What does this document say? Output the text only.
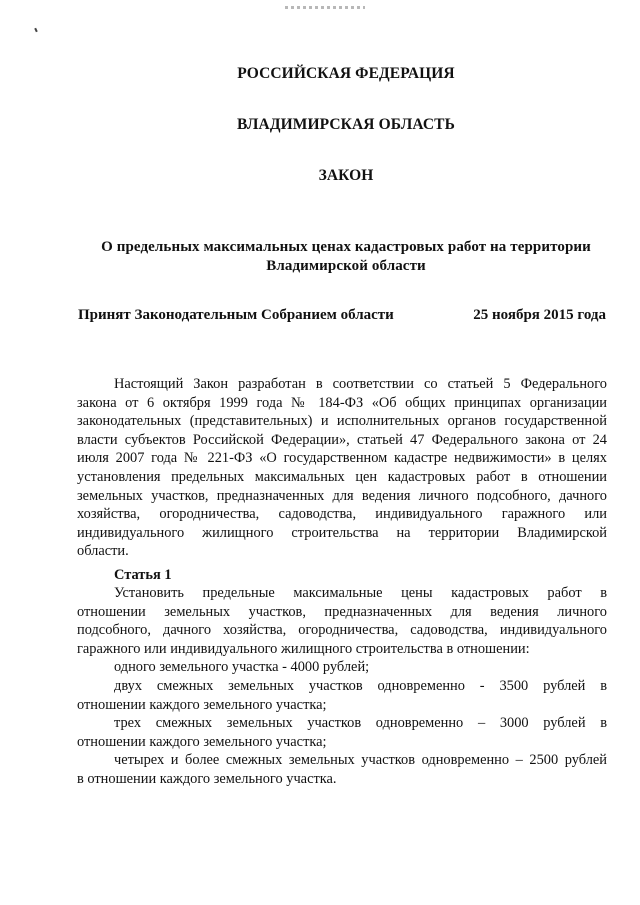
РОССИЙСКАЯ ФЕДЕРАЦИЯ
ВЛАДИМИРСКАЯ ОБЛАСТЬ
ЗАКОН
О предельных максимальных ценах кадастровых работ на территории
Владимирской области
Принят Законодательным Собранием области	25 ноября 2015 года
Настоящий Закон разработан в соответствии со статьей 5 Федерального
закона от 6 октября 1999 года № 184-ФЗ «Об общих принципах организации
законодательных (представительных) и исполнительных органов государственной
власти субъектов Российской Федерации», статьей 47 Федерального закона от 24
июля 2007 года № 221-ФЗ «О государственном кадастре недвижимости» в целях
установления предельных максимальных цен кадастровых работ в отношении
земельных участков, предназначенных для ведения личного подсобного, дачного
хозяйства, огородничества, садоводства, индивидуального гаражного или
индивидуального жилищного строительства на территории Владимирской
области.
Статья 1
Установить предельные максимальные цены кадастровых работ в
отношении земельных участков, предназначенных для ведения личного
подсобного, дачного хозяйства, огородничества, садоводства, индивидуального
гаражного или индивидуального жилищного строительства в отношении:
одного земельного участка - 4000 рублей;
двух смежных земельных участков одновременно - 3500 рублей в
отношении каждого земельного участка;
трех смежных земельных участков одновременно – 3000 рублей в
отношении каждого земельного участка;
четырех и более смежных земельных участков одновременно – 2500 рублей
в отношении каждого земельного участка.
